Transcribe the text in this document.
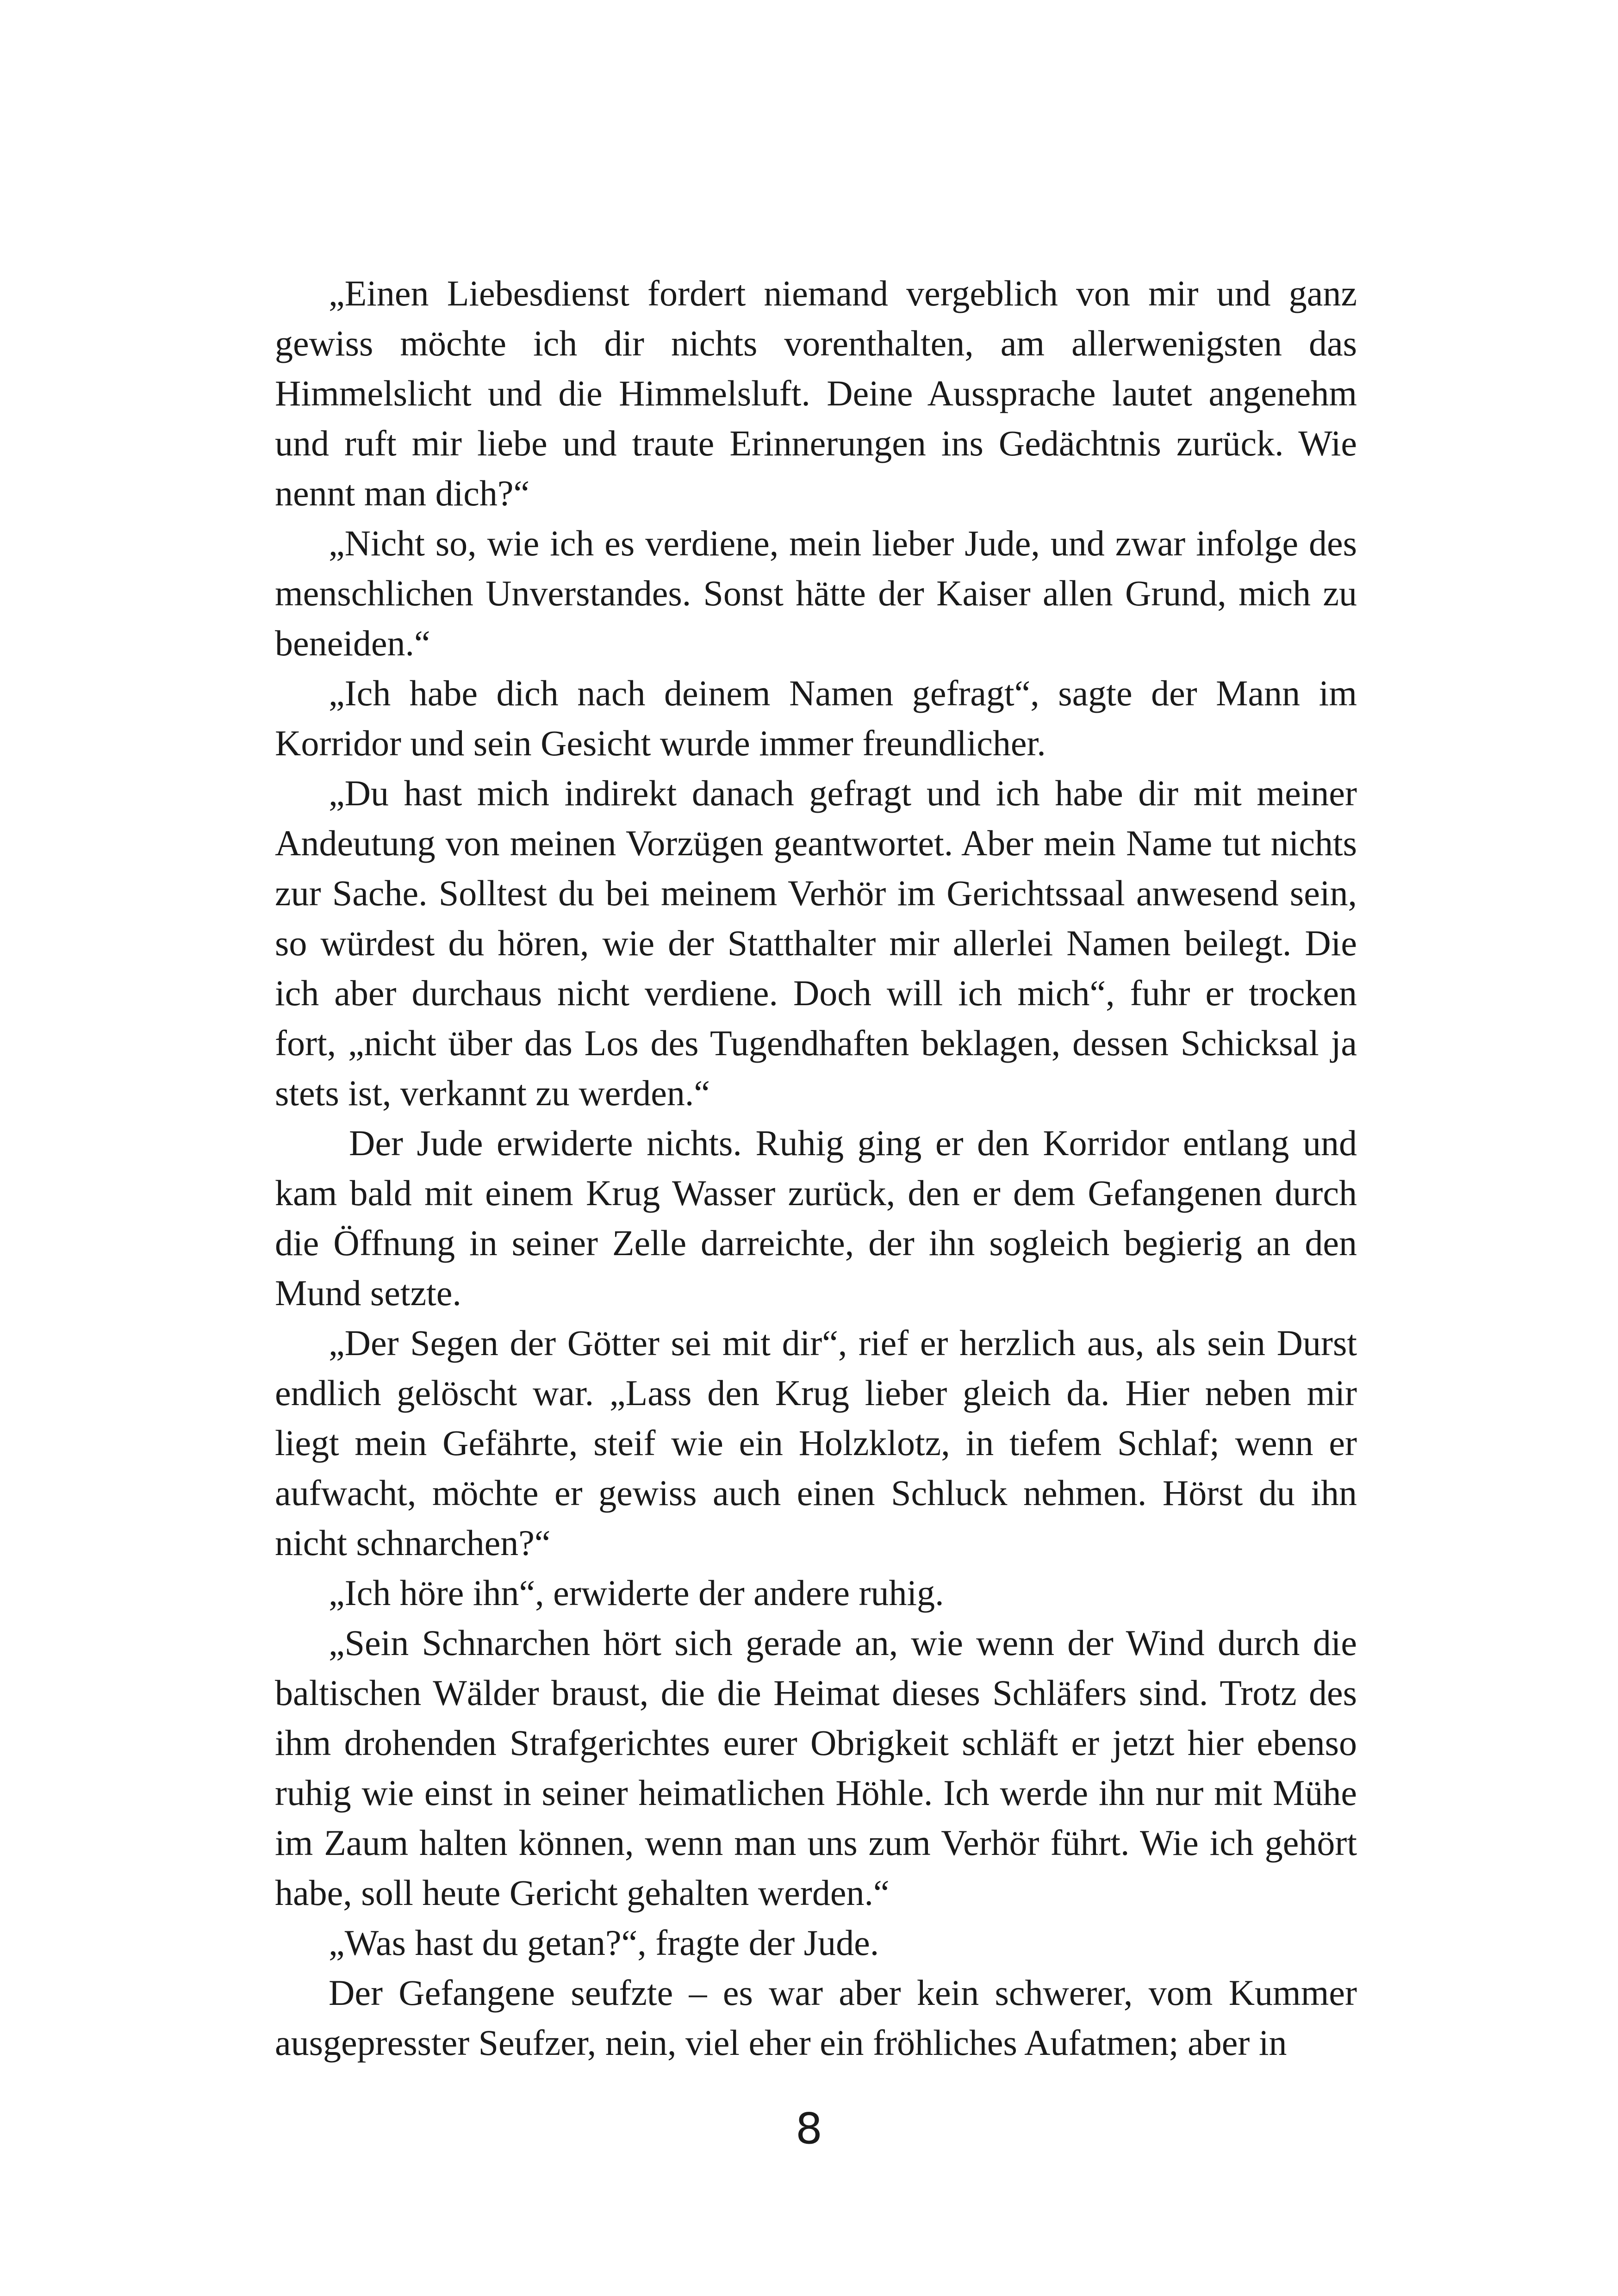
„Einen Liebesdienst fordert niemand vergeblich von mir und ganz gewiss möchte ich dir nichts vorenthalten, am allerwenigsten das Himmelslicht und die Himmelsluft. Deine Aussprache lautet angenehm und ruft mir liebe und traute Erinnerungen ins Gedächtnis zurück. Wie nennt man dich?“

„Nicht so, wie ich es verdiene, mein lieber Jude, und zwar infolge des menschlichen Unverstandes. Sonst hätte der Kaiser allen Grund, mich zu beneiden.“

„Ich habe dich nach deinem Namen gefragt“, sagte der Mann im Korridor und sein Gesicht wurde immer freundlicher.

„Du hast mich indirekt danach gefragt und ich habe dir mit meiner Andeutung von meinen Vorzügen geantwortet. Aber mein Name tut nichts zur Sache. Solltest du bei meinem Verhör im Gerichtssaal anwesend sein, so würdest du hören, wie der Statthalter mir allerlei Namen beilegt. Die ich aber durchaus nicht verdiene. Doch will ich mich“, fuhr er trocken fort, „nicht über das Los des Tugendhaften beklagen, dessen Schicksal ja stets ist, verkannt zu werden.“

Der Jude erwiderte nichts. Ruhig ging er den Korridor entlang und kam bald mit einem Krug Wasser zurück, den er dem Gefangenen durch die Öffnung in seiner Zelle darreichte, der ihn sogleich begierig an den Mund setzte.

„Der Segen der Götter sei mit dir“, rief er herzlich aus, als sein Durst endlich gelöscht war. „Lass den Krug lieber gleich da. Hier neben mir liegt mein Gefährte, steif wie ein Holzklotz, in tiefem Schlaf; wenn er aufwacht, möchte er gewiss auch einen Schluck nehmen. Hörst du ihn nicht schnarchen?“

„Ich höre ihn“, erwiderte der andere ruhig.

„Sein Schnarchen hört sich gerade an, wie wenn der Wind durch die baltischen Wälder braust, die die Heimat dieses Schläfers sind. Trotz des ihm drohenden Strafgerichtes eurer Obrigkeit schläft er jetzt hier ebenso ruhig wie einst in seiner heimatlichen Höhle. Ich werde ihn nur mit Mühe im Zaum halten können, wenn man uns zum Verhör führt. Wie ich gehört habe, soll heute Gericht gehalten werden.“

„Was hast du getan?“, fragte der Jude.

Der Gefangene seufzte – es war aber kein schwerer, vom Kummer ausgepresster Seufzer, nein, viel eher ein fröhliches Aufatmen; aber in

8
